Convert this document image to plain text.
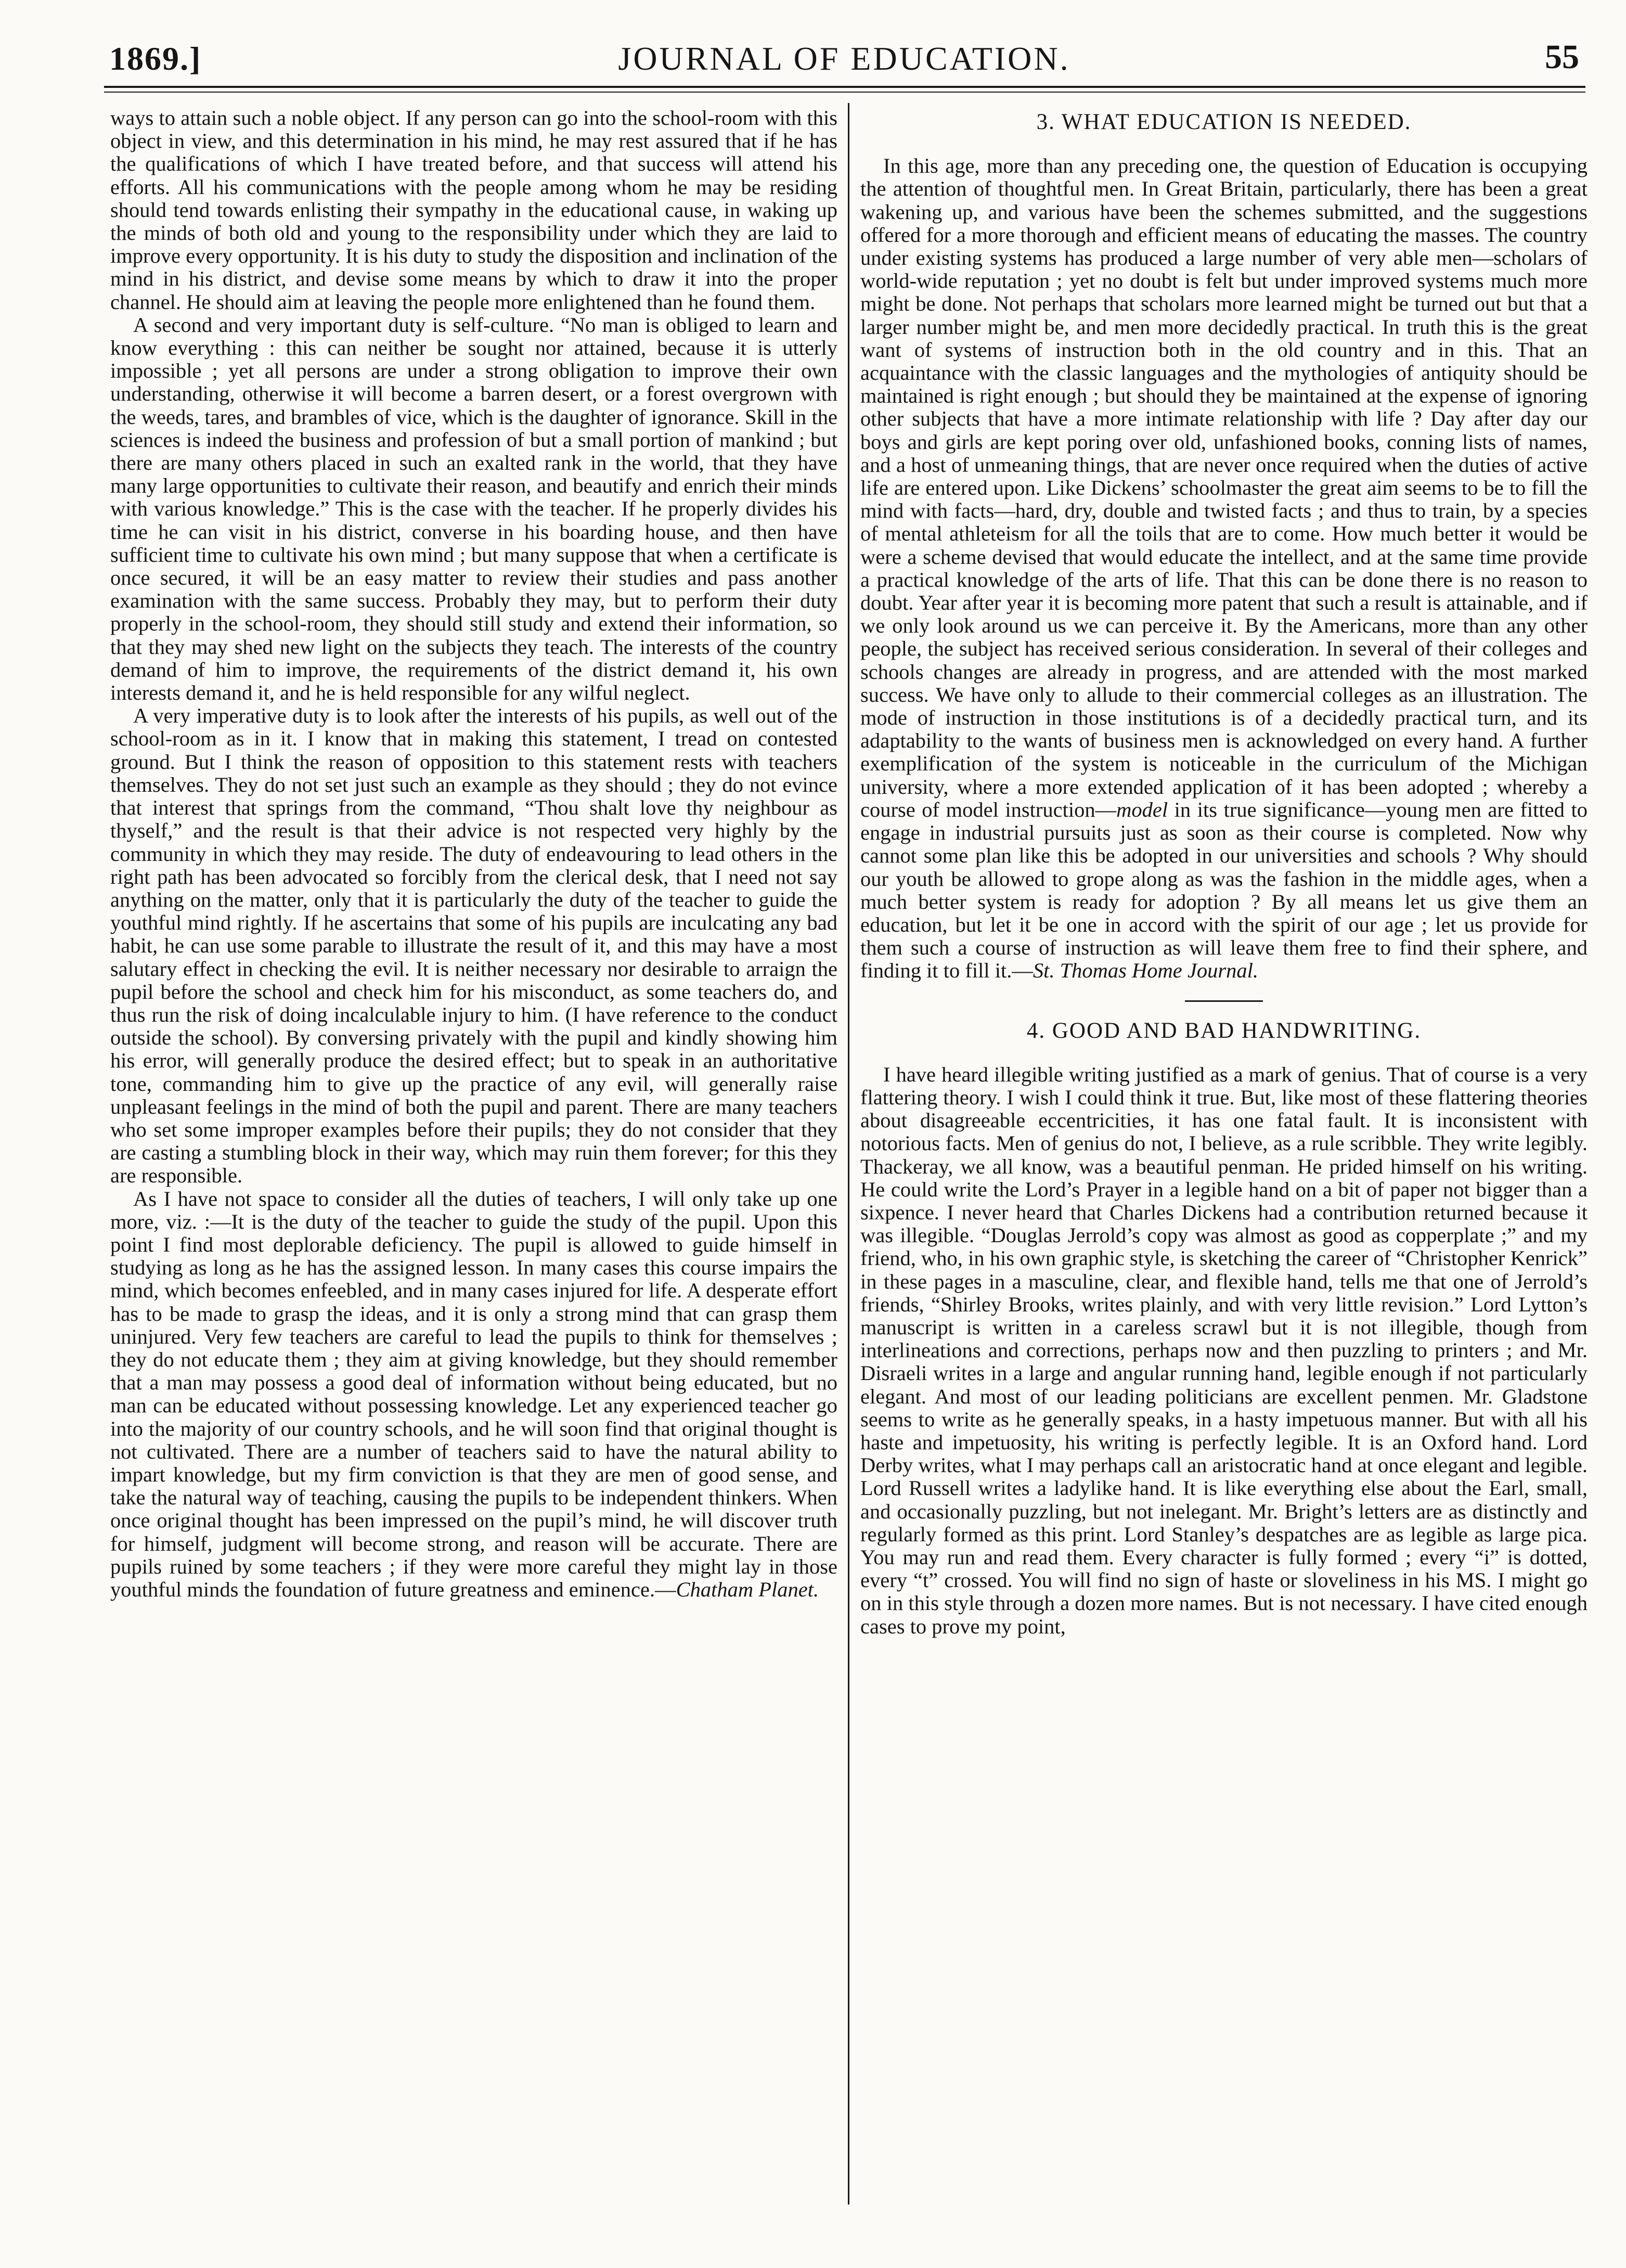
1869.]	JOURNAL OF EDUCATION.	55

ways to attain such a noble object. If any person can go into the school-room with this object in view, and this determination in his mind, he may rest assured that if he has the qualifications of which I have treated before, and that success will attend his efforts. All his communications with the people among whom he may be residing should tend towards enlisting their sympathy in the educational cause, in waking up the minds of both old and young to the responsibility under which they are laid to improve every opportunity. It is his duty to study the disposition and inclination of the mind in his district, and devise some means by which to draw it into the proper channel. He should aim at leaving the people more enlightened than he found them.

A second and very important duty is self-culture. “No man is obliged to learn and know everything : this can neither be sought nor attained, because it is utterly impossible ; yet all persons are under a strong obligation to improve their own understanding, otherwise it will become a barren desert, or a forest overgrown with the weeds, tares, and brambles of vice, which is the daughter of ignorance. Skill in the sciences is indeed the business and profession of but a small portion of mankind ; but there are many others placed in such an exalted rank in the world, that they have many large opportunities to cultivate their reason, and beautify and enrich their minds with various knowledge.” This is the case with the teacher. If he properly divides his time he can visit in his district, converse in his boarding house, and then have sufficient time to cultivate his own mind ; but many suppose that when a certificate is once secured, it will be an easy matter to review their studies and pass another examination with the same success. Probably they may, but to perform their duty properly in the school-room, they should still study and extend their information, so that they may shed new light on the subjects they teach. The interests of the country demand of him to improve, the requirements of the district demand it, his own interests demand it, and he is held responsible for any wilful neglect.

A very imperative duty is to look after the interests of his pupils, as well out of the school-room as in it. I know that in making this statement, I tread on contested ground. But I think the reason of opposition to this statement rests with teachers themselves. They do not set just such an example as they should ; they do not evince that interest that springs from the command, “Thou shalt love thy neighbour as thyself,” and the result is that their advice is not respected very highly by the community in which they may reside. The duty of endeavouring to lead others in the right path has been advocated so forcibly from the clerical desk, that I need not say anything on the matter, only that it is particularly the duty of the teacher to guide the youthful mind rightly. If he ascertains that some of his pupils are inculcating any bad habit, he can use some parable to illustrate the result of it, and this may have a most salutary effect in checking the evil. It is neither necessary nor desirable to arraign the pupil before the school and check him for his misconduct, as some teachers do, and thus run the risk of doing incalculable injury to him. (I have reference to the conduct outside the school). By conversing privately with the pupil and kindly showing him his error, will generally produce the desired effect; but to speak in an authoritative tone, commanding him to give up the practice of any evil, will generally raise unpleasant feelings in the mind of both the pupil and parent. There are many teachers who set some improper examples before their pupils; they do not consider that they are casting a stumbling block in their way, which may ruin them forever; for this they are responsible.

As I have not space to consider all the duties of teachers, I will only take up one more, viz. :—It is the duty of the teacher to guide the study of the pupil. Upon this point I find most deplorable deficiency. The pupil is allowed to guide himself in studying as long as he has the assigned lesson. In many cases this course impairs the mind, which becomes enfeebled, and in many cases injured for life. A desperate effort has to be made to grasp the ideas, and it is only a strong mind that can grasp them uninjured. Very few teachers are careful to lead the pupils to think for themselves ; they do not educate them ; they aim at giving knowledge, but they should remember that a man may possess a good deal of information without being educated, but no man can be educated without possessing knowledge. Let any experienced teacher go into the majority of our country schools, and he will soon find that original thought is not cultivated. There are a number of teachers said to have the natural ability to impart knowledge, but my firm conviction is that they are men of good sense, and take the natural way of teaching, causing the pupils to be independent thinkers. When once original thought has been impressed on the pupil’s mind, he will discover truth for himself, judgment will become strong, and reason will be accurate. There are pupils ruined by some teachers ; if they were more careful they might lay in those youthful minds the foundation of future greatness and eminence.—Chatham Planet.

3. WHAT EDUCATION IS NEEDED.

In this age, more than any preceding one, the question of Education is occupying the attention of thoughtful men. In Great Britain, particularly, there has been a great wakening up, and various have been the schemes submitted, and the suggestions offered for a more thorough and efficient means of educating the masses. The country under existing systems has produced a large number of very able men—scholars of world-wide reputation ; yet no doubt is felt but under improved systems much more might be done. Not perhaps that scholars more learned might be turned out but that a larger number might be, and men more decidedly practical. In truth this is the great want of systems of instruction both in the old country and in this. That an acquaintance with the classic languages and the mythologies of antiquity should be maintained is right enough ; but should they be maintained at the expense of ignoring other subjects that have a more intimate relationship with life ? Day after day our boys and girls are kept poring over old, unfashioned books, conning lists of names, and a host of unmeaning things, that are never once required when the duties of active life are entered upon. Like Dickens’ schoolmaster the great aim seems to be to fill the mind with facts—hard, dry, double and twisted facts ; and thus to train, by a species of mental athleteism for all the toils that are to come. How much better it would be were a scheme devised that would educate the intellect, and at the same time provide a practical knowledge of the arts of life. That this can be done there is no reason to doubt. Year after year it is becoming more patent that such a result is attainable, and if we only look around us we can perceive it. By the Americans, more than any other people, the subject has received serious consideration. In several of their colleges and schools changes are already in progress, and are attended with the most marked success. We have only to allude to their commercial colleges as an illustration. The mode of instruction in those institutions is of a decidedly practical turn, and its adaptability to the wants of business men is acknowledged on every hand. A further exemplification of the system is noticeable in the curriculum of the Michigan university, where a more extended application of it has been adopted ; whereby a course of model instruction—model in its true significance—young men are fitted to engage in industrial pursuits just as soon as their course is completed. Now why cannot some plan like this be adopted in our universities and schools ? Why should our youth be allowed to grope along as was the fashion in the middle ages, when a much better system is ready for adoption ? By all means let us give them an education, but let it be one in accord with the spirit of our age ; let us provide for them such a course of instruction as will leave them free to find their sphere, and finding it to fill it.—St. Thomas Home Journal.

4. GOOD AND BAD HANDWRITING.

I have heard illegible writing justified as a mark of genius. That of course is a very flattering theory. I wish I could think it true. But, like most of these flattering theories about disagreeable eccentricities, it has one fatal fault. It is inconsistent with notorious facts. Men of genius do not, I believe, as a rule scribble. They write legibly. Thackeray, we all know, was a beautiful penman. He prided himself on his writing. He could write the Lord’s Prayer in a legible hand on a bit of paper not bigger than a sixpence. I never heard that Charles Dickens had a contribution returned because it was illegible. “Douglas Jerrold’s copy was almost as good as copperplate ;” and my friend, who, in his own graphic style, is sketching the career of “Christopher Kenrick” in these pages in a masculine, clear, and flexible hand, tells me that one of Jerrold’s friends, “Shirley Brooks, writes plainly, and with very little revision.” Lord Lytton’s manuscript is written in a careless scrawl but it is not illegible, though from interlineations and corrections, perhaps now and then puzzling to printers ; and Mr. Disraeli writes in a large and angular running hand, legible enough if not particularly elegant. And most of our leading politicians are excellent penmen. Mr. Gladstone seems to write as he generally speaks, in a hasty impetuous manner. But with all his haste and impetuosity, his writing is perfectly legible. It is an Oxford hand. Lord Derby writes, what I may perhaps call an aristocratic hand at once elegant and legible. Lord Russell writes a ladylike hand. It is like everything else about the Earl, small, and occasionally puzzling, but not inelegant. Mr. Bright’s letters are as distinctly and regularly formed as this print. Lord Stanley’s despatches are as legible as large pica. You may run and read them. Every character is fully formed ; every “i” is dotted, every “t” crossed. You will find no sign of haste or sloveliness in his MS. I might go on in this style through a dozen more names. But is not necessary. I have cited enough cases to prove my point,
